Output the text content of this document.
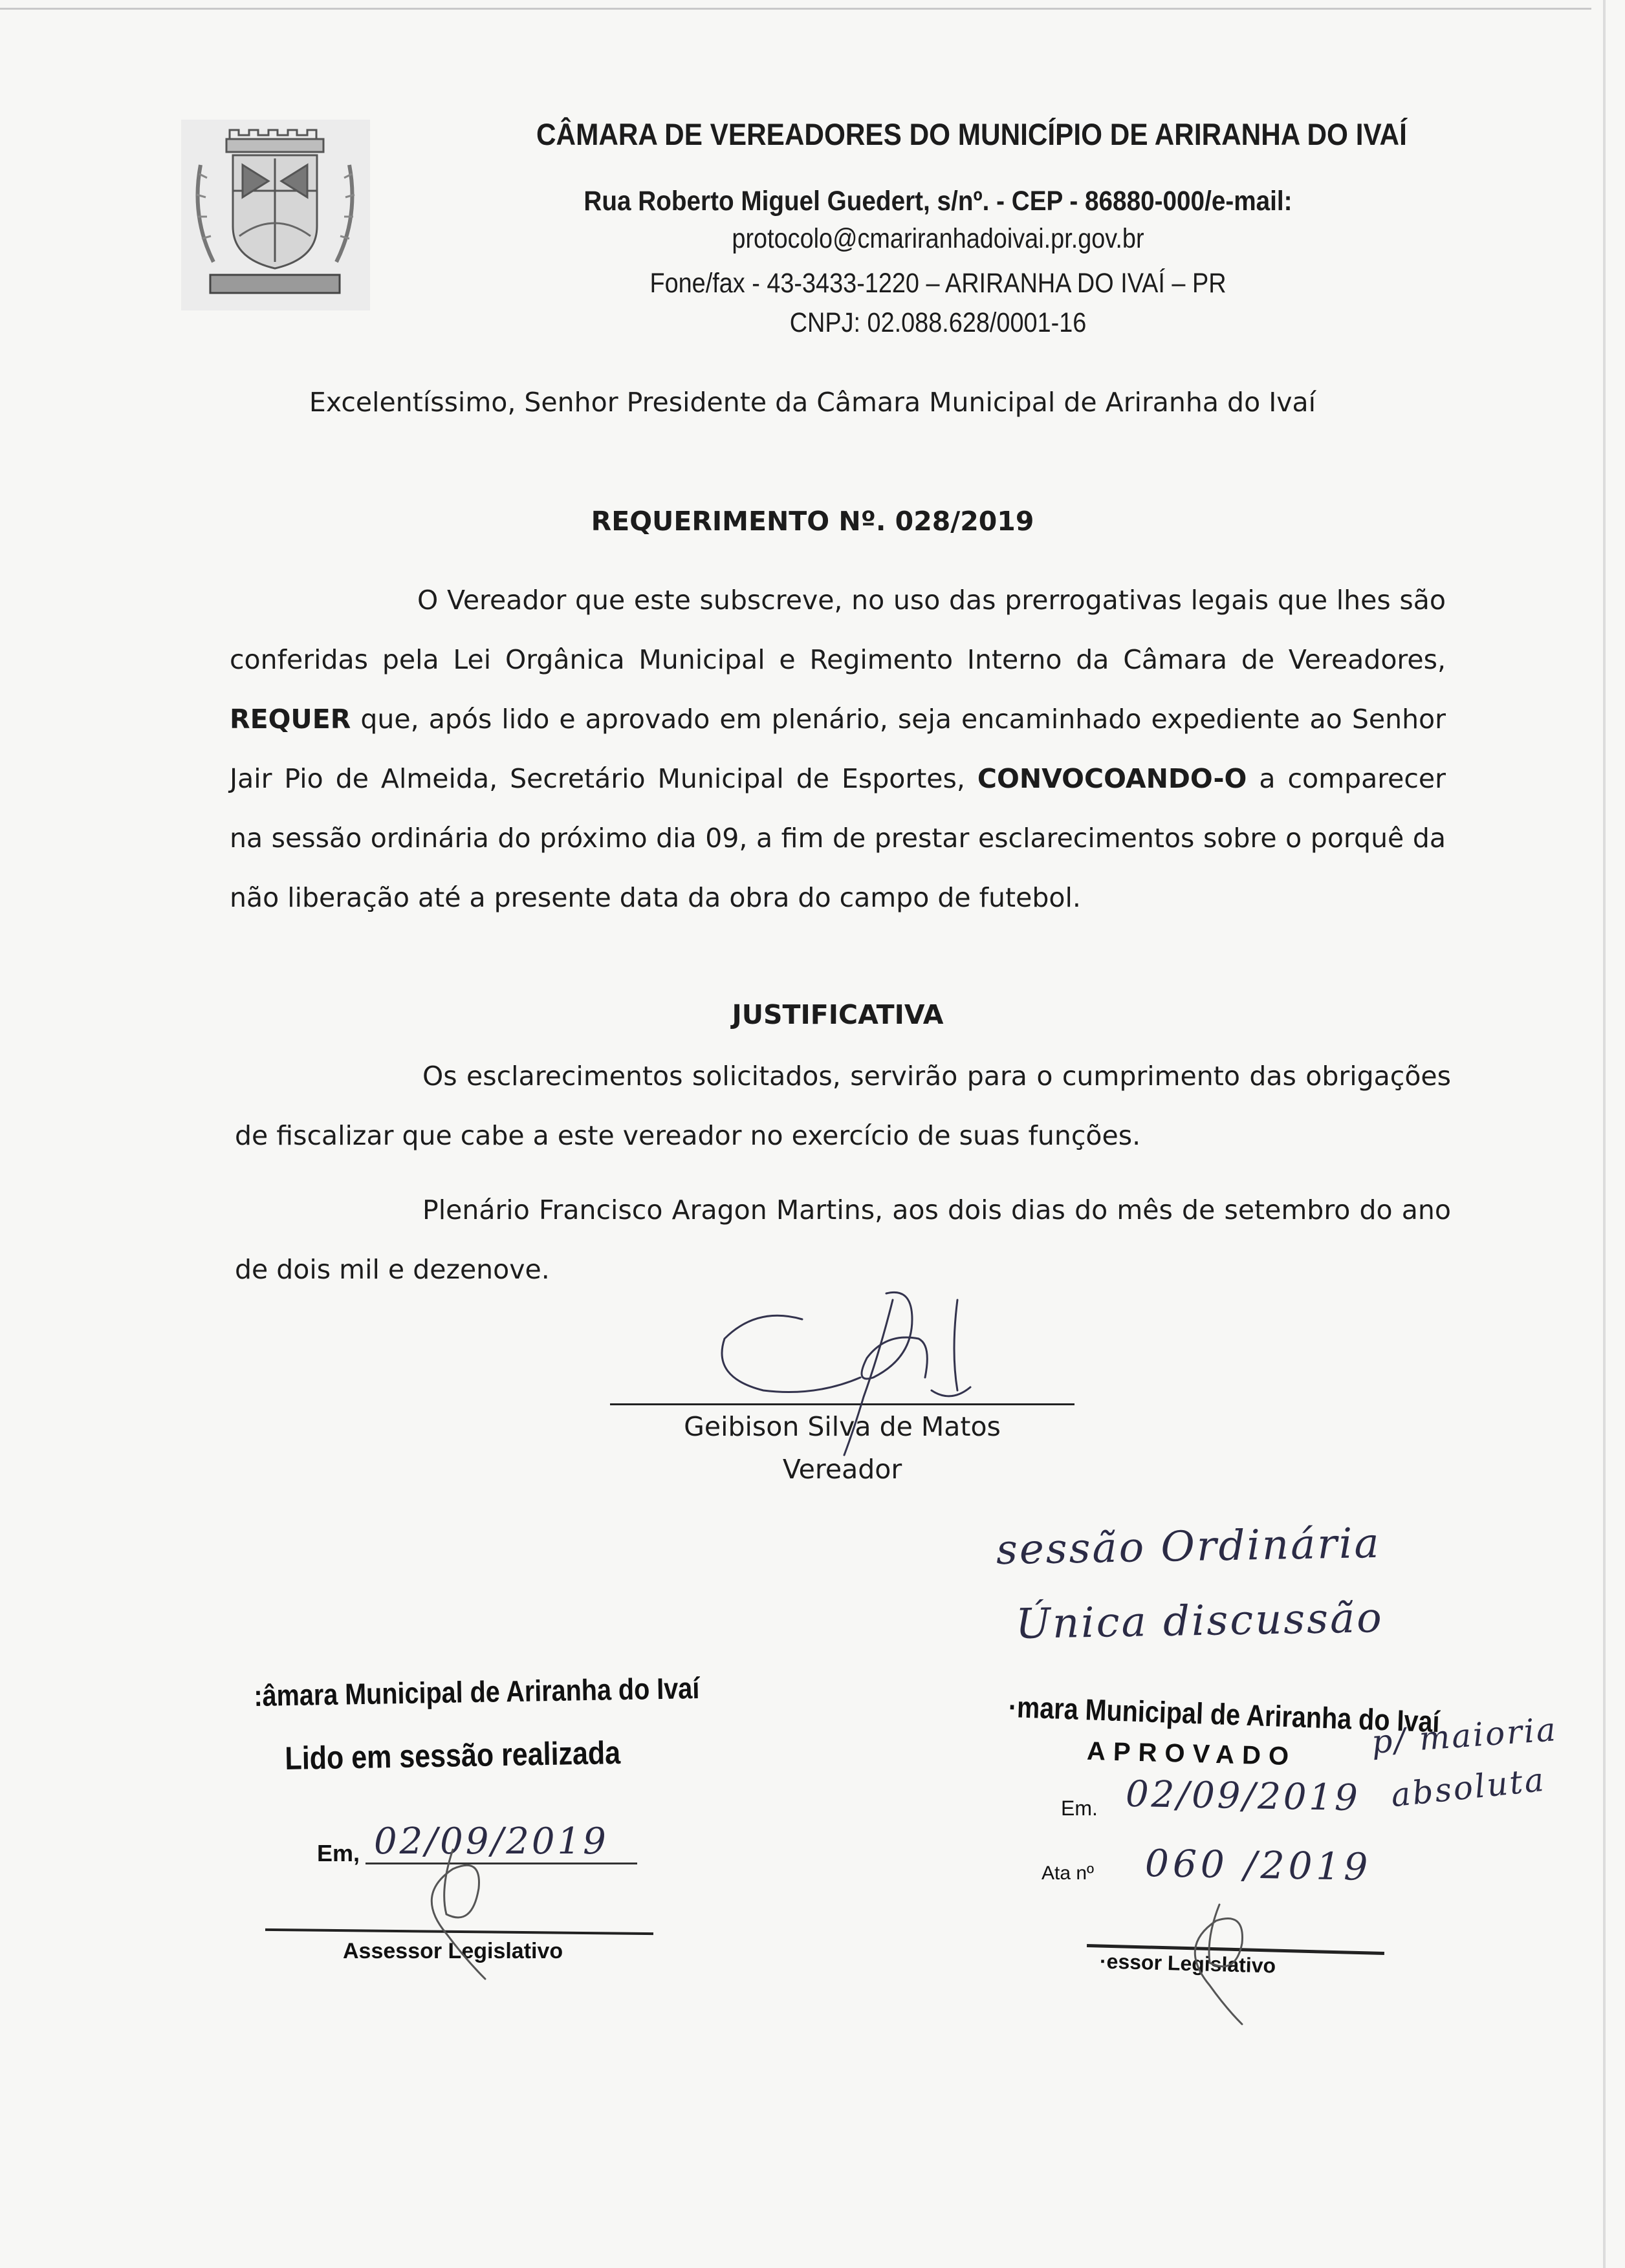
CÂMARA DE VEREADORES DO MUNICÍPIO DE ARIRANHA DO IVAÍ
Rua Roberto Miguel Guedert, s/nº. - CEP - 86880-000/e-mail:
protocolo@cmariranhadoivai.pr.gov.br
Fone/fax - 43-3433-1220 – ARIRANHA DO IVAÍ – PR
CNPJ: 02.088.628/0001-16
Excelentíssimo, Senhor Presidente da Câmara Municipal de Ariranha do Ivaí
REQUERIMENTO Nº. 028/2019
O Vereador que este subscreve, no uso das prerrogativas legais que lhes são conferidas pela Lei Orgânica Municipal e Regimento Interno da Câmara de Vereadores, REQUER que, após lido e aprovado em plenário, seja encaminhado expediente ao Senhor Jair Pio de Almeida, Secretário Municipal de Esportes, CONVOCOANDO-O a comparecer na sessão ordinária do próximo dia 09, a fim de prestar esclarecimentos sobre o porquê da não liberação até a presente data da obra do campo de futebol.
JUSTIFICATIVA
Os esclarecimentos solicitados, servirão para o cumprimento das obrigações de fiscalizar que cabe a este vereador no exercício de suas funções.
Plenário Francisco Aragon Martins, aos dois dias do mês de setembro do ano de dois mil e dezenove.
Geibison Silva de Matos
Vereador
sessão Ordinária
Única discussão
p/ maioria
absoluta
:âmara Municipal de Ariranha do Ivaí
Lido em sessão realizada
Em, 02/09/2019
Assessor Legislativo
·mara Municipal de Ariranha do Ivaí
APROVADO
Em. 02/09/2019
Ata nº 060 /2019
·essor Legislativo
